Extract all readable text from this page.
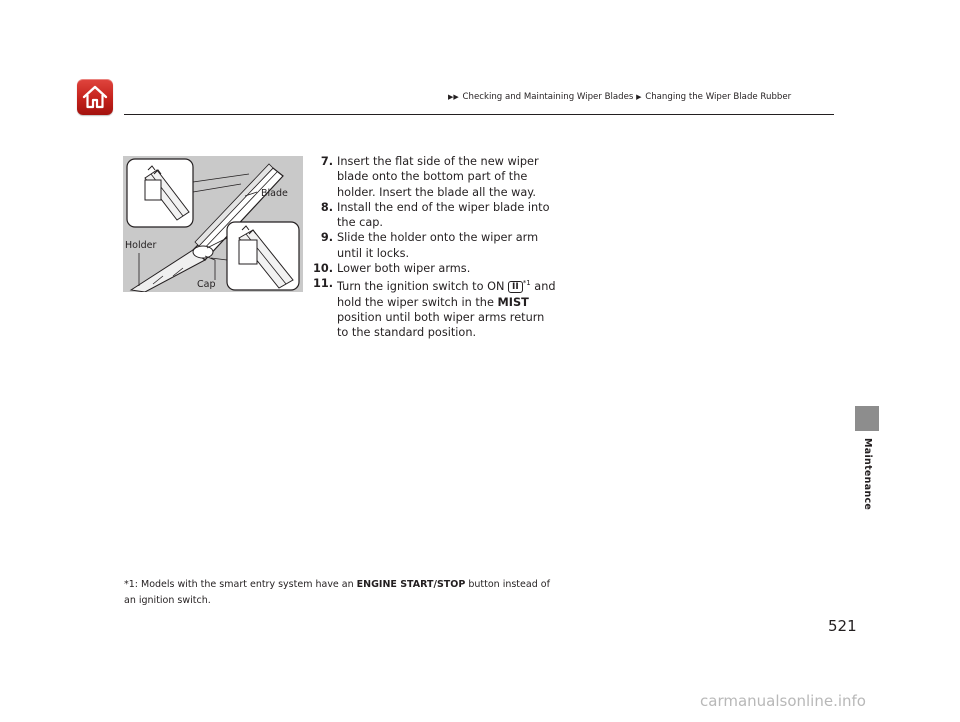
▶▶ Checking and Maintaining Wiper Blades ▶ Changing the Wiper Blade Rubber
Blade
Holder
Cap
7. Insert the flat side of the new wiper blade onto the bottom part of the holder. Insert the blade all the way.
8. Install the end of the wiper blade into the cap.
9. Slide the holder onto the wiper arm until it locks.
10. Lower both wiper arms.
11. Turn the ignition switch to ON II $^{*1}$ and hold the wiper switch in the MIST position until both wiper arms return to the standard position.
*1: Models with the smart entry system have an ENGINE START/STOP button instead of an ignition switch.
Maintenance
521
carmanualsonline.info
